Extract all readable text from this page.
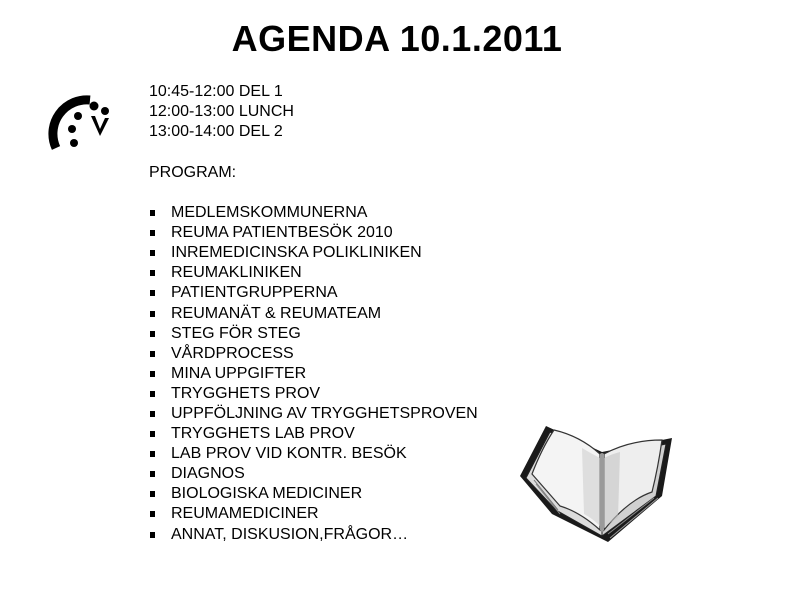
AGENDA 10.1.2011
10:45-12:00 DEL 1
12:00-13:00 LUNCH
13:00-14:00 DEL 2
PROGRAM:
MEDLEMSKOMMUNERNA
REUMA PATIENTBESÖK 2010
INREMEDICINSKA POLIKLINIKEN
REUMAKLINIKEN
PATIENTGRUPPERNA
REUMANÄT & REUMATEAM
STEG FÖR STEG
VÅRDPROCESS
MINA UPPGIFTER
TRYGGHETS PROV
UPPFÖLJNING AV TRYGGHETSPROVEN
TRYGGHETS LAB PROV
LAB PROV VID KONTR. BESÖK
DIAGNOS
BIOLOGISKA MEDICINER
REUMAMEDICINER
ANNAT, DISKUSION,FRÅGOR…
